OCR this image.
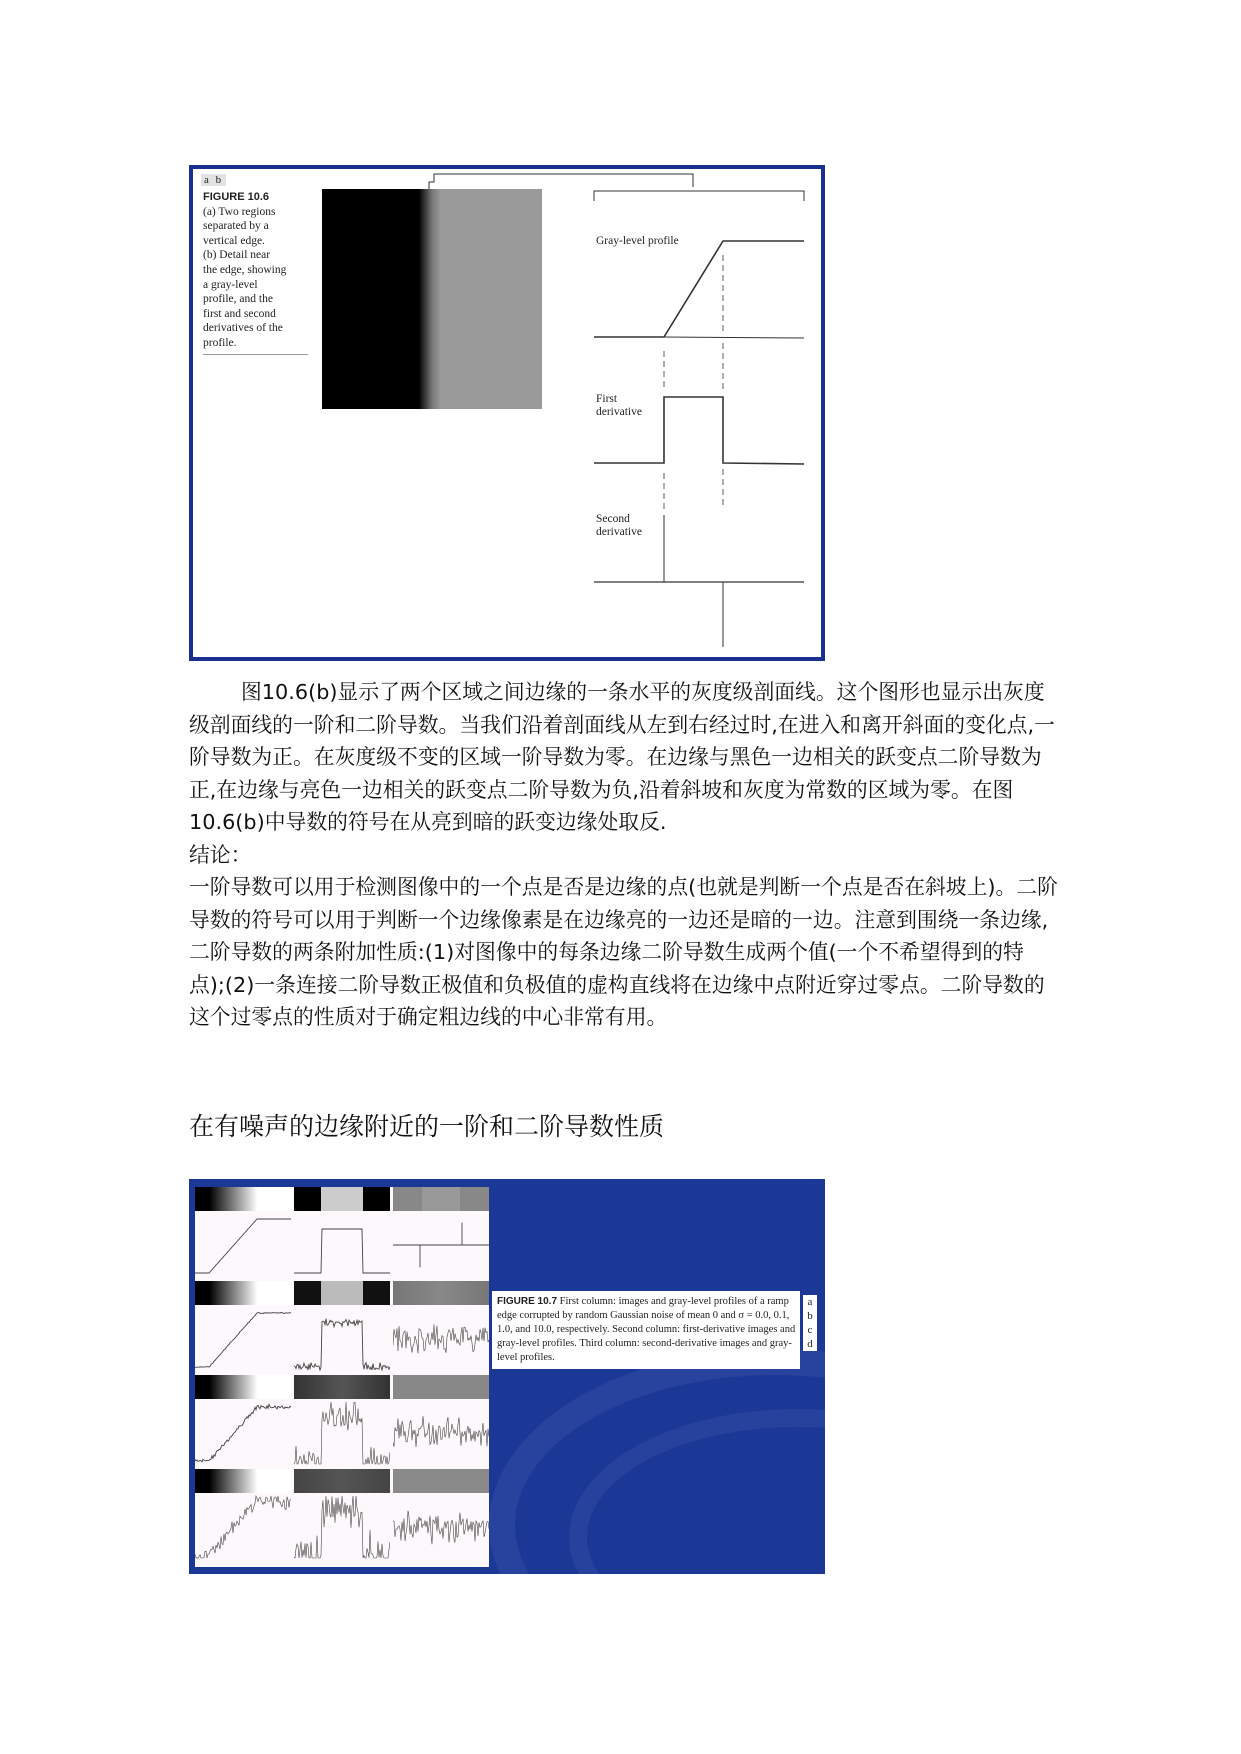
a b
FIGURE 10.6
(a) Two regions
separated by a
vertical edge.
(b) Detail near
the edge, showing
a gray-level
profile, and the
first and second
derivatives of the
profile.
Gray-level profile
First
derivative
Second
derivative

图10.6(b)显示了两个区域之间边缘的一条水平的灰度级剖面线。这个图形也显示出灰度级剖面线的一阶和二阶导数。当我们沿着剖面线从左到右经过时,在进入和离开斜面的变化点,一阶导数为正。在灰度级不变的区域一阶导数为零。在边缘与黑色一边相关的跃变点二阶导数为正,在边缘与亮色一边相关的跃变点二阶导数为负,沿着斜坡和灰度为常数的区域为零。在图10.6(b)中导数的符号在从亮到暗的跃变边缘处取反.

结论：

一阶导数可以用于检测图像中的一个点是否是边缘的点(也就是判断一个点是否在斜坡上)。二阶导数的符号可以用于判断一个边缘像素是在边缘亮的一边还是暗的一边。注意到围绕一条边缘,二阶导数的两条附加性质:(1)对图像中的每条边缘二阶导数生成两个值(一个不希望得到的特点);(2)一条连接二阶导数正极值和负极值的虚构直线将在边缘中点附近穿过零点。二阶导数的这个过零点的性质对于确定粗边线的中心非常有用。

在有噪声的边缘附近的一阶和二阶导数性质
FIGURE 10.7 First column: images and gray-level profiles of a ramp edge corrupted by random Gaussian noise of mean 0 and σ = 0.0, 0.1, 1.0, and 10.0, respectively. Second column: first-derivative images and gray-level profiles. Third column: second-derivative images and gray-level profiles.
a
b
c
d
